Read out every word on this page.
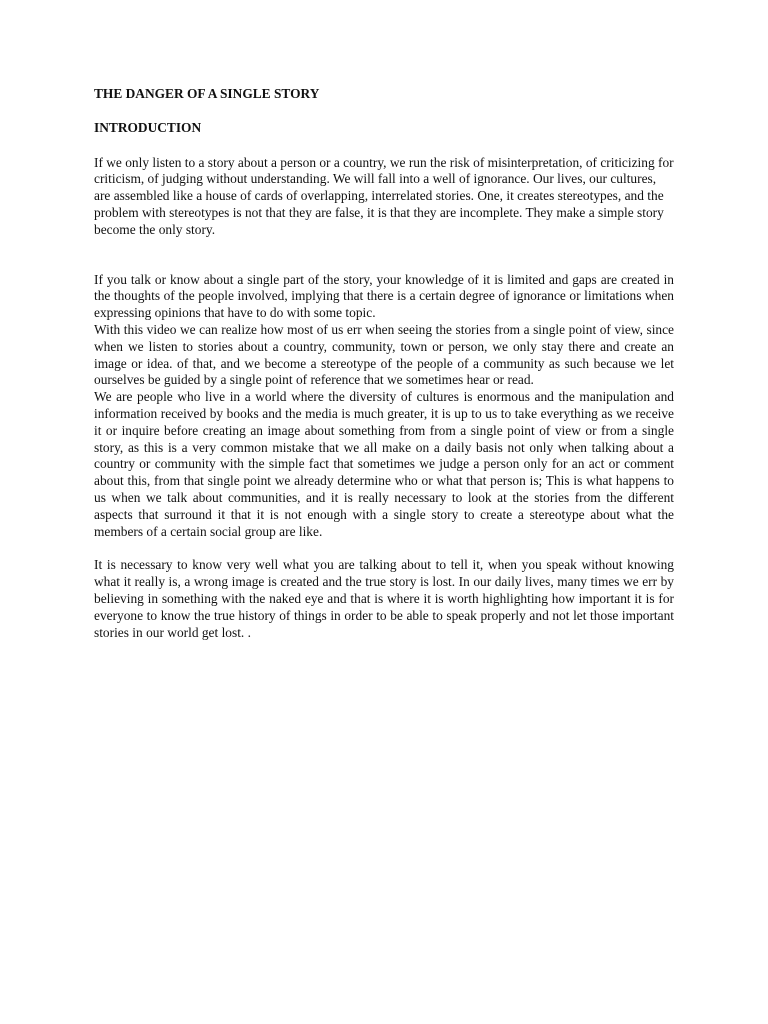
THE DANGER OF A SINGLE STORY
INTRODUCTION

If we only listen to a story about a person or a country, we run the risk of misinterpretation, of criticizing for criticism, of judging without understanding. We will fall into a well of ignorance. Our lives, our cultures, are assembled like a house of cards of overlapping, interrelated stories. One, it creates stereotypes, and the problem with stereotypes is not that they are false, it is that they are incomplete. They make a simple story become the only story.

If you talk or know about a single part of the story, your knowledge of it is limited and gaps are created in the thoughts of the people involved, implying that there is a certain degree of ignorance or limitations when expressing opinions that have to do with some topic.

With this video we can realize how most of us err when seeing the stories from a single point of view, since when we listen to stories about a country, community, town or person, we only stay there and create an image or idea. of that, and we become a stereotype of the people of a community as such because we let ourselves be guided by a single point of reference that we sometimes hear or read.

We are people who live in a world where the diversity of cultures is enormous and the manipulation and information received by books and the media is much greater, it is up to us to take everything as we receive it or inquire before creating an image about something from from a single point of view or from a single story, as this is a very common mistake that we all make on a daily basis not only when talking about a country or community with the simple fact that sometimes we judge a person only for an act or comment about this, from that single point we already determine who or what that person is; This is what happens to us when we talk about communities, and it is really necessary to look at the stories from the different aspects that surround it that it is not enough with a single story to create a stereotype about what the members of a certain social group are like.

It is necessary to know very well what you are talking about to tell it, when you speak without knowing what it really is, a wrong image is created and the true story is lost. In our daily lives, many times we err by believing in something with the naked eye and that is where it is worth highlighting how important it is for everyone to know the true history of things in order to be able to speak properly and not let those important stories in our world get lost. .
